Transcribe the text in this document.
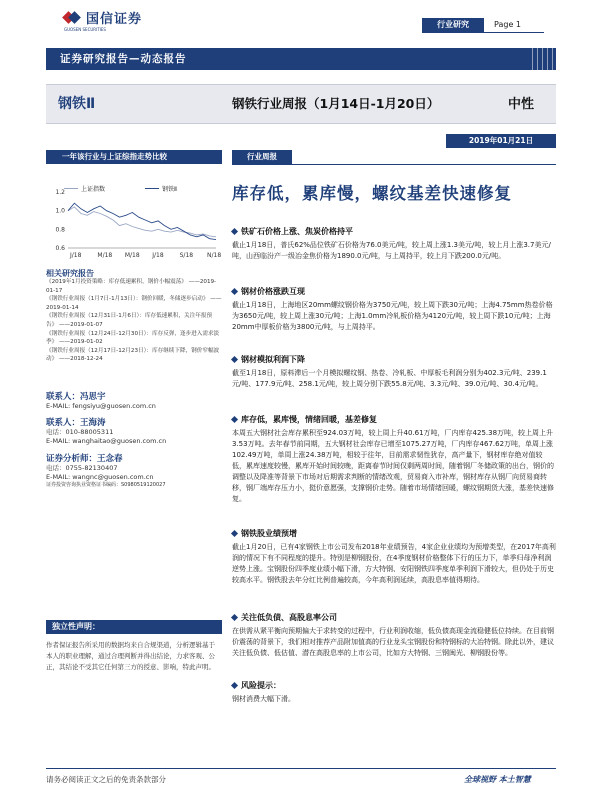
国信证券
GUOSEN SECURITIES
行业研究	Page 1
证券研究报告—动态报告
钢铁Ⅱ	钢铁行业周报（1月14日-1月20日）	中性
2019年01月21日
一年该行业与上证综指走势比较
上证指数	钢铁Ⅱ
0.6
0.8
1.0
1.2
J/18	M/18 M/18 J/18	S/18 N/18
相关研究报告
《2019年1月投资策略：库存低速累积，钢价小幅震荡》 ——2019-01-17
《钢铁行业周报（1月7日-1月13日）：钢价回暖，冬储逐步启动》 ——2019-01-14
《钢铁行业周报（12月31日-1月6日）：库存低速累积，关注年报预告》 ——2019-01-07
《钢铁行业周报（12月24日-12月30日）：库存反弹，逢步进入需求淡季》 ——2019-01-02
《钢铁行业周报（12月17日-12月23日）：库存继续下降，钢价窄幅波动》 ——2018-12-24
联系人：冯思宇
E-MAIL: fengsiyu@guosen.com.cn
联系人：王海涛
电话：010-88005311
E-MAIL: wanghaitao@guosen.com.cn
证券分析师：王念春
电话：0755-82130407
E-MAIL: wangnc@guosen.com.cn
证券投资咨询执业资格证书编码：S0980519120027
独立性声明：
作者保证报告所采用的数据均来自合规渠道，分析逻辑基于本人的职业理解，通过合理判断并得出结论，力求客观、公正，其结论不受其它任何第三方的授意、影响，特此声明。
行业周报
库存低，累库慢，螺纹基差快速修复
铁矿石价格上涨、焦炭价格持平

截止1月18日，普氏62%品位铁矿石价格为76.0美元/吨，较上周上涨1.3美元/吨，较上月上涨3.7美元/吨，山西临汾产一级冶金焦价格为1890.0元/吨，与上周持平，较上月下跌200.0元/吨。

钢材价格涨跌互现

截止1月18日，上海地区20mm螺纹钢价格为3750元/吨，较上周下跌30元/吨；上海4.75mm热卷价格为3650元/吨，较上周上涨30元/吨；上海1.0mm冷轧板价格为4120元/吨，较上周下跌10元/吨；上海20mm中厚板价格为3800元/吨，与上周持平。

钢材模拟利润下降

截至1月18日，原料滞后一个月模拟螺纹钢、热卷、冷轧板、中厚板毛利润分别为402.3元/吨、239.1元/吨、177.9元/吨、258.1元/吨，较上周分别下跌55.8元/吨、3.3元/吨、39.0元/吨、30.4元/吨。

库存低，累库慢，情绪回暖，基差修复

本周五大钢材社会库存累积至924.03万吨，较上周上升40.61万吨，厂内库存425.38万吨，较上周上升3.53万吨。去年春节前同期，五大钢材社会库存已增至1075.27万吨，厂内库存467.62万吨，单周上涨102.49万吨，单周上涨24.38万吨，相较于往年，目前需求韧性犹存，高产量下，钢材库存绝对值较低，累库速度较慢，累库开始时间较晚，距离春节时间仅剩两周时间，随着钢厂冬储政策的出台，钢价的调整以及降准等背景下市场对后期需求判断的情绪改观，贸易商入市补库，钢材库存从钢厂向贸易商转移，钢厂端库存压力小，挺价意愿强，支撑钢价走势。随着市场情绪回暖，螺纹钢期货大涨，基差快速修复。

钢铁股业绩预增

截止1月20日，已有4家钢铁上市公司发布2018年业绩预告，4家企业业绩均为预增类型，在2017年高利润的情况下有不同程度的提升。特别是柳钢股份，在4季度钢材价格整体下行的压力下，单季归母净利润逆势上涨。宝钢股份四季度业绩小幅下滑，方大特钢、安阳钢铁四季度单季利润下滑较大，但仍处于历史较高水平。钢铁股去年分红比例普遍较高，今年高利润延续，高股息率值得期待。

关注低负债、高股息率公司

在供需从紧平衡向预期偏大于求转变的过程中，行业利润收缩，低负债高现金流稳健低位持续。在目前钢价震荡的背景下，我们相对推荐产品附加值高的行业龙头宝钢股份和特钢标的大冶特钢。除此以外，建议关注低负债、低估值、潜在高股息率的上市公司，比如方大特钢、三钢闽光、柳钢股份等。

风险提示：

钢材消费大幅下滑。

请务必阅读正文之后的免责条款部分	全球视野 本土智慧
